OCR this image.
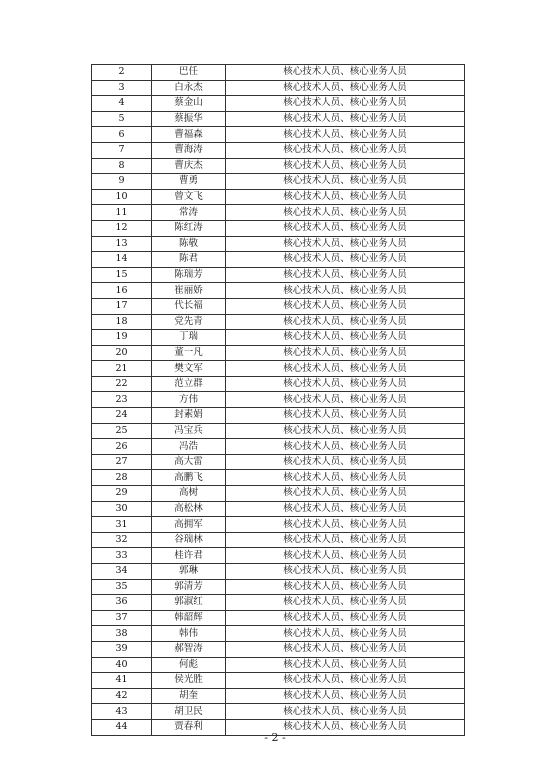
2	巴任	核心技术人员、核心业务人员
3	白永杰	核心技术人员、核心业务人员
4	蔡金山	核心技术人员、核心业务人员
5	蔡振华	核心技术人员、核心业务人员
6	曹福森	核心技术人员、核心业务人员
7	曹海涛	核心技术人员、核心业务人员
8	曹庆杰	核心技术人员、核心业务人员
9	曹勇	核心技术人员、核心业务人员
10	曾文飞	核心技术人员、核心业务人员
11	常涛	核心技术人员、核心业务人员
12	陈红涛	核心技术人员、核心业务人员
13	陈敬	核心技术人员、核心业务人员
14	陈君	核心技术人员、核心业务人员
15	陈瑞芳	核心技术人员、核心业务人员
16	崔丽娇	核心技术人员、核心业务人员
17	代长福	核心技术人员、核心业务人员
18	党先青	核心技术人员、核心业务人员
19	丁瑞	核心技术人员、核心业务人员
20	董一凡	核心技术人员、核心业务人员
21	樊文军	核心技术人员、核心业务人员
22	范立群	核心技术人员、核心业务人员
23	方伟	核心技术人员、核心业务人员
24	封素娟	核心技术人员、核心业务人员
25	冯宝兵	核心技术人员、核心业务人员
26	冯浩	核心技术人员、核心业务人员
27	高大雷	核心技术人员、核心业务人员
28	高鹏飞	核心技术人员、核心业务人员
29	高树	核心技术人员、核心业务人员
30	高松林	核心技术人员、核心业务人员
31	高拥军	核心技术人员、核心业务人员
32	谷瑞林	核心技术人员、核心业务人员
33	桂许君	核心技术人员、核心业务人员
34	郭琳	核心技术人员、核心业务人员
35	郭清芳	核心技术人员、核心业务人员
36	郭淑红	核心技术人员、核心业务人员
37	韩韶辉	核心技术人员、核心业务人员
38	韩伟	核心技术人员、核心业务人员
39	郝智涛	核心技术人员、核心业务人员
40	何彪	核心技术人员、核心业务人员
41	侯光胜	核心技术人员、核心业务人员
42	胡奎	核心技术人员、核心业务人员
43	胡卫民	核心技术人员、核心业务人员
44	贾春利	核心技术人员、核心业务人员
- 2 -
